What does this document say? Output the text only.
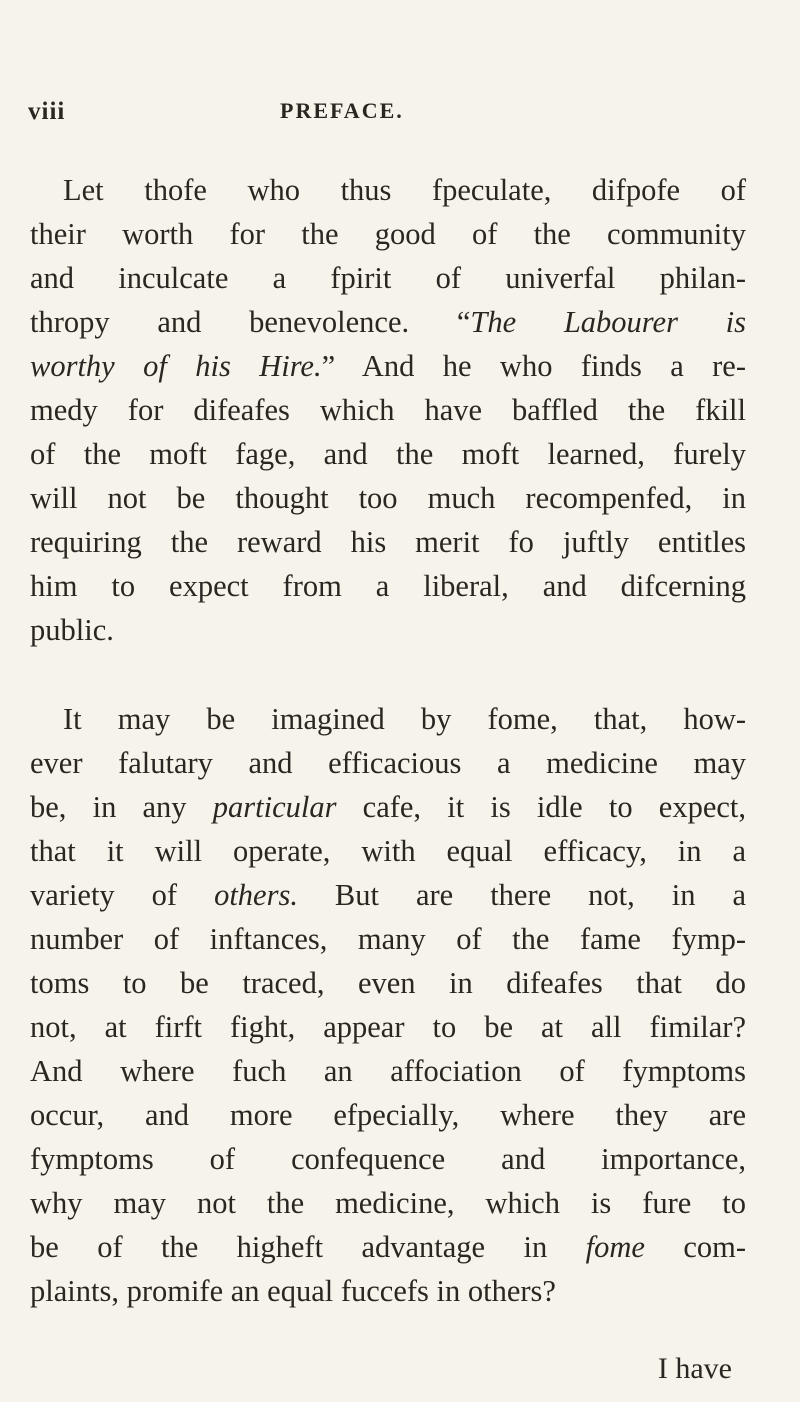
viii	PREFACE.
Let thofe who thus fpeculate, difpofe of
their worth for the good of the community
and inculcate a fpirit of univerfal philan-
thropy and benevolence. “The Labourer is
worthy of his Hire.” And he who finds a re-
medy for difeafes which have baffled the fkill
of the moft fage, and the moft learned, furely
will not be thought too much recompenfed, in
requiring the reward his merit fo juftly entitles
him to expect from a liberal, and difcerning
public.
It may be imagined by fome, that, how-
ever falutary and efficacious a medicine may
be, in any particular cafe, it is idle to expect,
that it will operate, with equal efficacy, in a
variety of others. But are there not, in a
number of inftances, many of the fame fymp-
toms to be traced, even in difeafes that do
not, at firft fight, appear to be at all fimilar?
And where fuch an affociation of fymptoms
occur, and more efpecially, where they are
fymptoms of confequence and importance,
why may not the medicine, which is fure to
be of the higheft advantage in fome com-
plaints, promife an equal fuccefs in others?
I have
